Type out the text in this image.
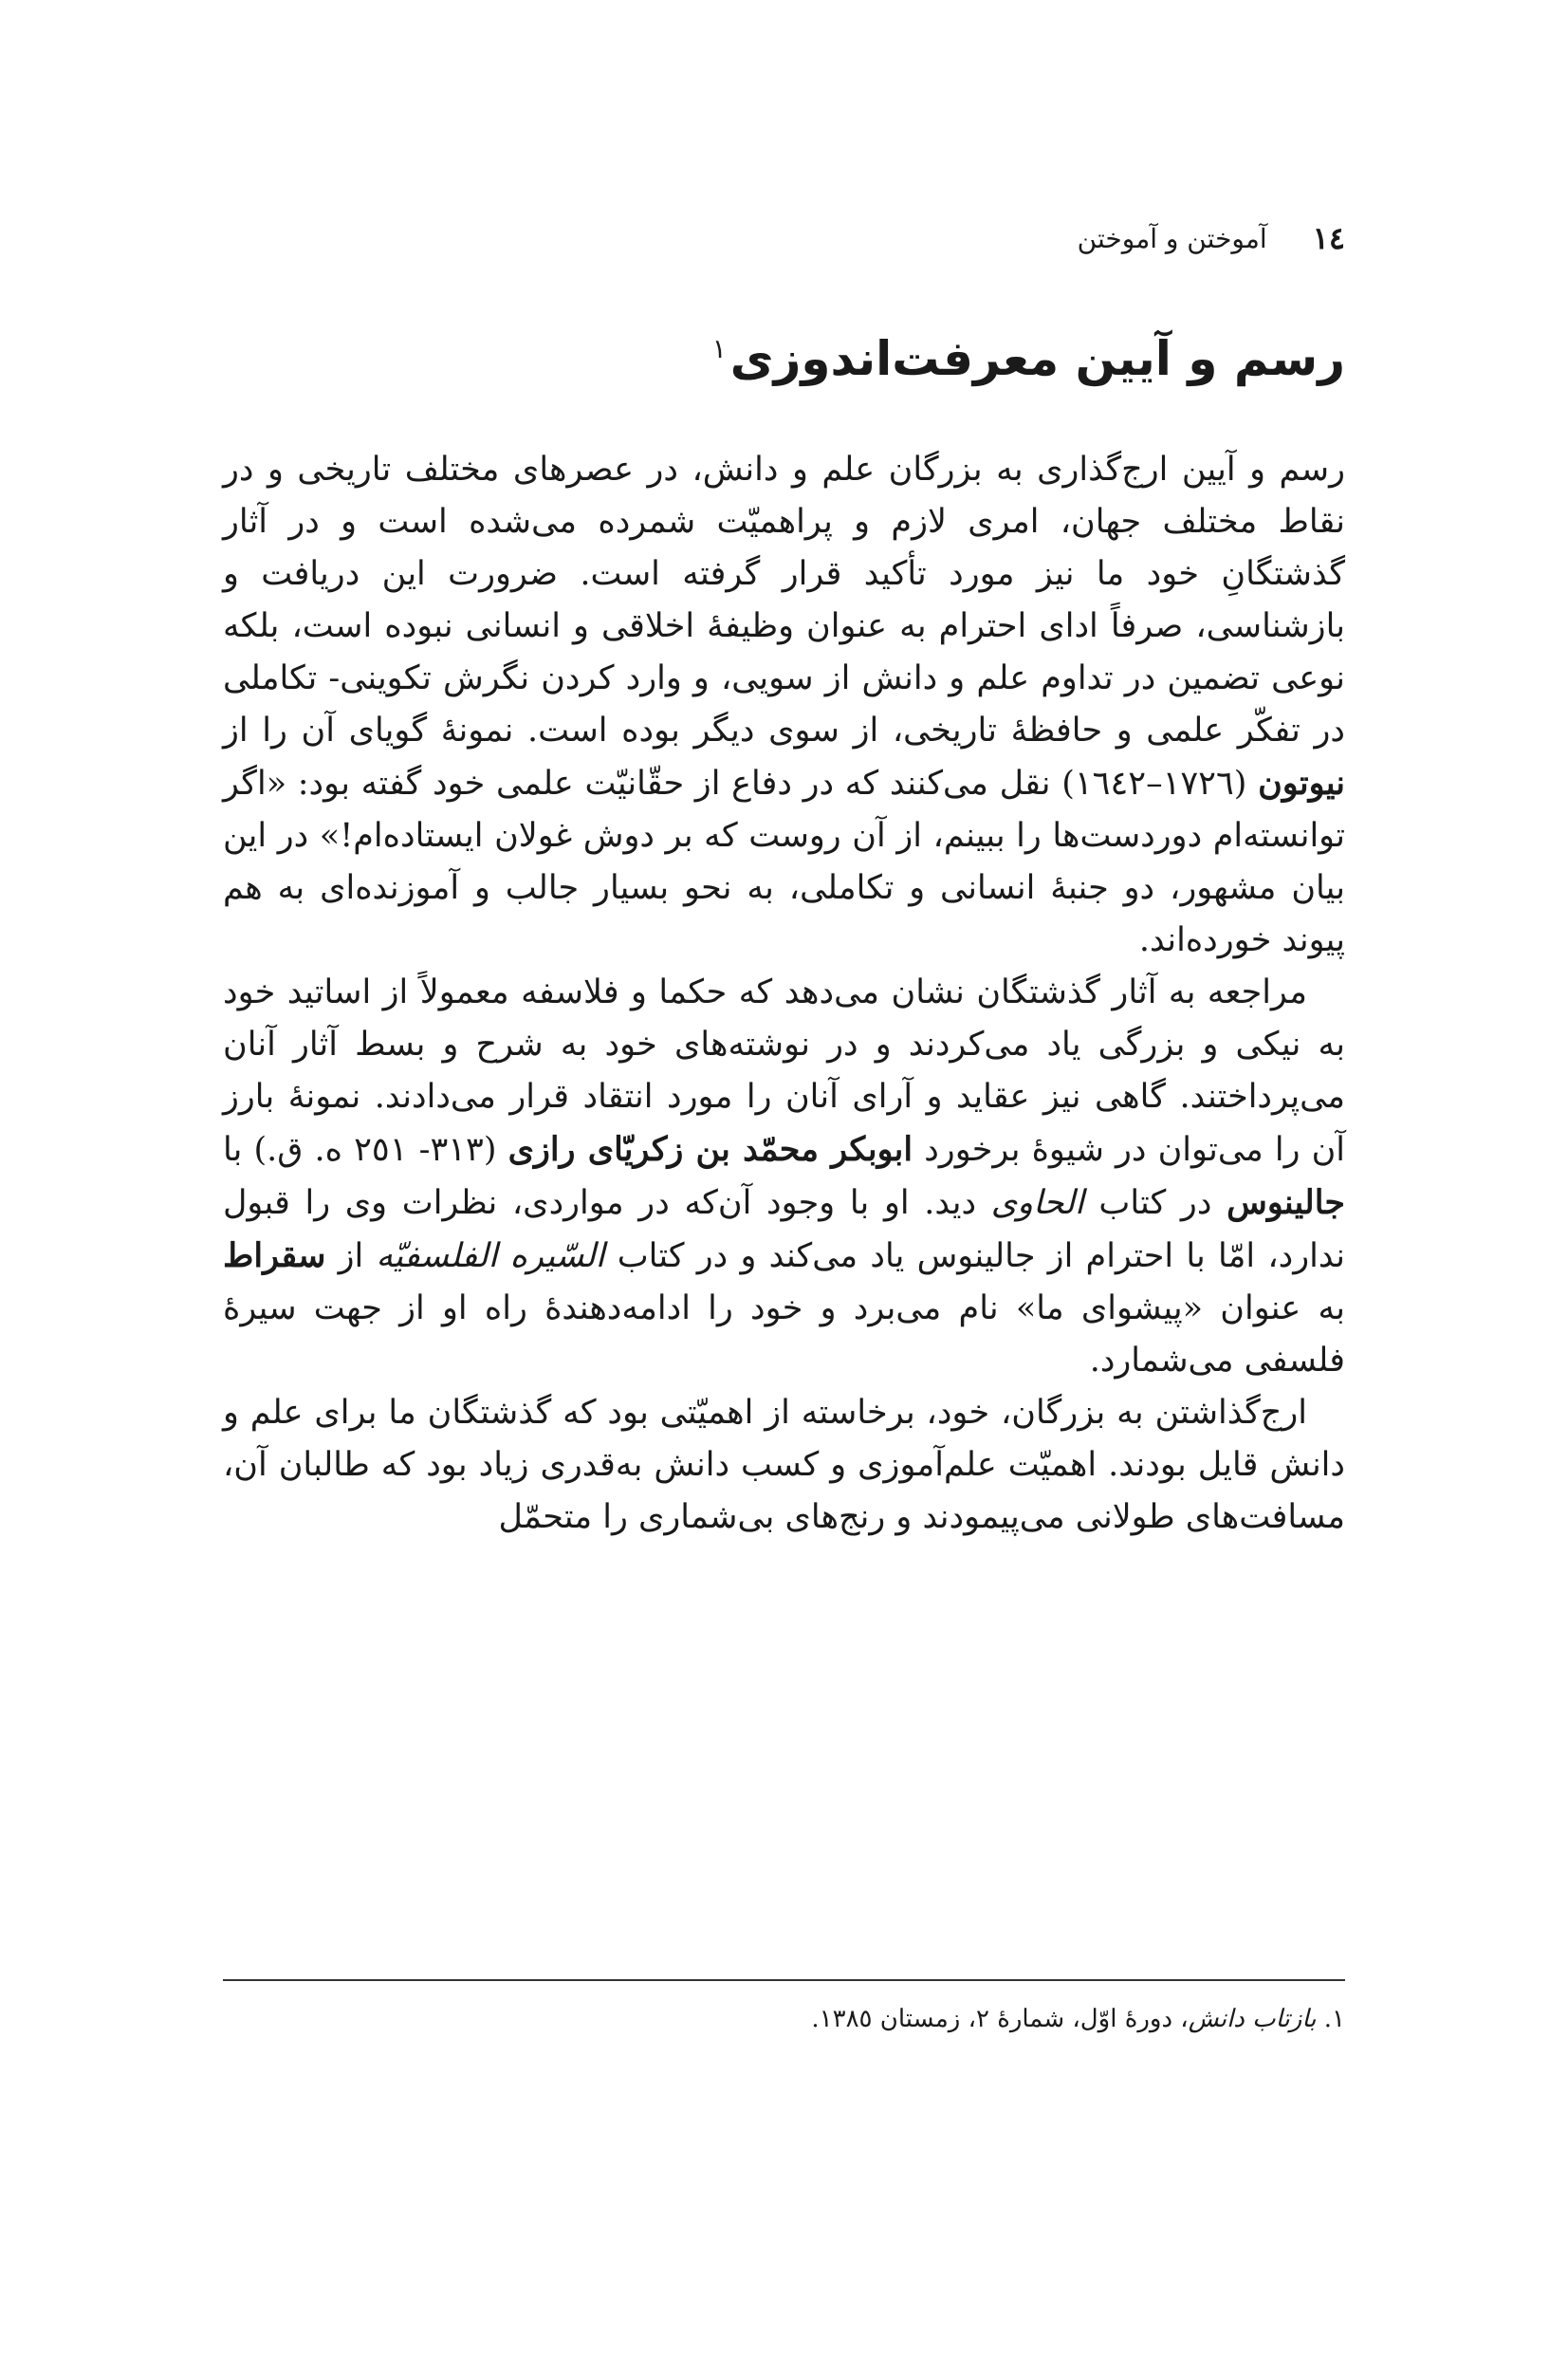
١٤
آموختن و آموختن
رسم و آیین معرفت‌اندوزی$^١$

رسم و آیین ارج‌گذاری به بزرگان علم و دانش، در عصرهای مختلف تاریخی و در نقاط مختلف جهان، امری لازم و پراهمیّت شمرده می‌شده است و در آثار گذشتگانِ خود ما نیز مورد تأکید قرار گرفته است. ضرورت این دریافت و بازشناسی، صرفاً ادای احترام به عنوان وظیفهٔ اخلاقی و انسانی نبوده است، بلکه نوعی تضمین در تداوم علم و دانش از سویی، و وارد کردن نگرش تکوینی- تکاملی در تفکّر علمی و حافظهٔ تاریخی، از سوی دیگر بوده است. نمونهٔ گویای آن را از نیوتون (١٧٢٦–١٦٤٢) نقل می‌کنند که در دفاع از حقّانیّت علمی خود گفته بود: «اگر توانسته‌ام دوردست‌ها را ببینم، از آن روست که بر دوش غولان ایستاده‌ام!» در این بیان مشهور، دو جنبهٔ انسانی و تکاملی، به نحو بسیار جالب و آموزنده‌ای به هم پیوند خورده‌اند.

مراجعه به آثار گذشتگان نشان می‌دهد که حکما و فلاسفه معمولاً از اساتید خود به نیکی و بزرگی یاد می‌کردند و در نوشته‌های خود به شرح و بسط آثار آنان می‌پرداختند. گاهی نیز عقاید و آرای آنان را مورد انتقاد قرار می‌دادند. نمونهٔ بارز آن را می‌توان در شیوهٔ برخورد ابوبکر محمّد بن زکریّای رازی (٣١٣- ٢٥١ ه. ق.) با جالینوس در کتاب الحاوی دید. او با وجود آن‌که در مواردی، نظرات وی را قبول ندارد، امّا با احترام از جالینوس یاد می‌کند و در کتاب السّیره الفلسفیّه از سقراط به عنوان «پیشوای ما» نام می‌برد و خود را ادامه‌دهندهٔ راه او از جهت سیرهٔ فلسفی می‌شمارد.

ارج‌گذاشتن به بزرگان، خود، برخاسته از اهمیّتی بود که گذشتگان ما برای علم و دانش قایل بودند. اهمیّت علم‌آموزی و کسب دانش به‌قدری زیاد بود که طالبان آن، مسافت‌های طولانی می‌پیمودند و رنج‌های بی‌شماری را متحمّل

١. بازتاب دانش، دورهٔ اوّل، شمارهٔ ٢، زمستان ١٣٨٥.
